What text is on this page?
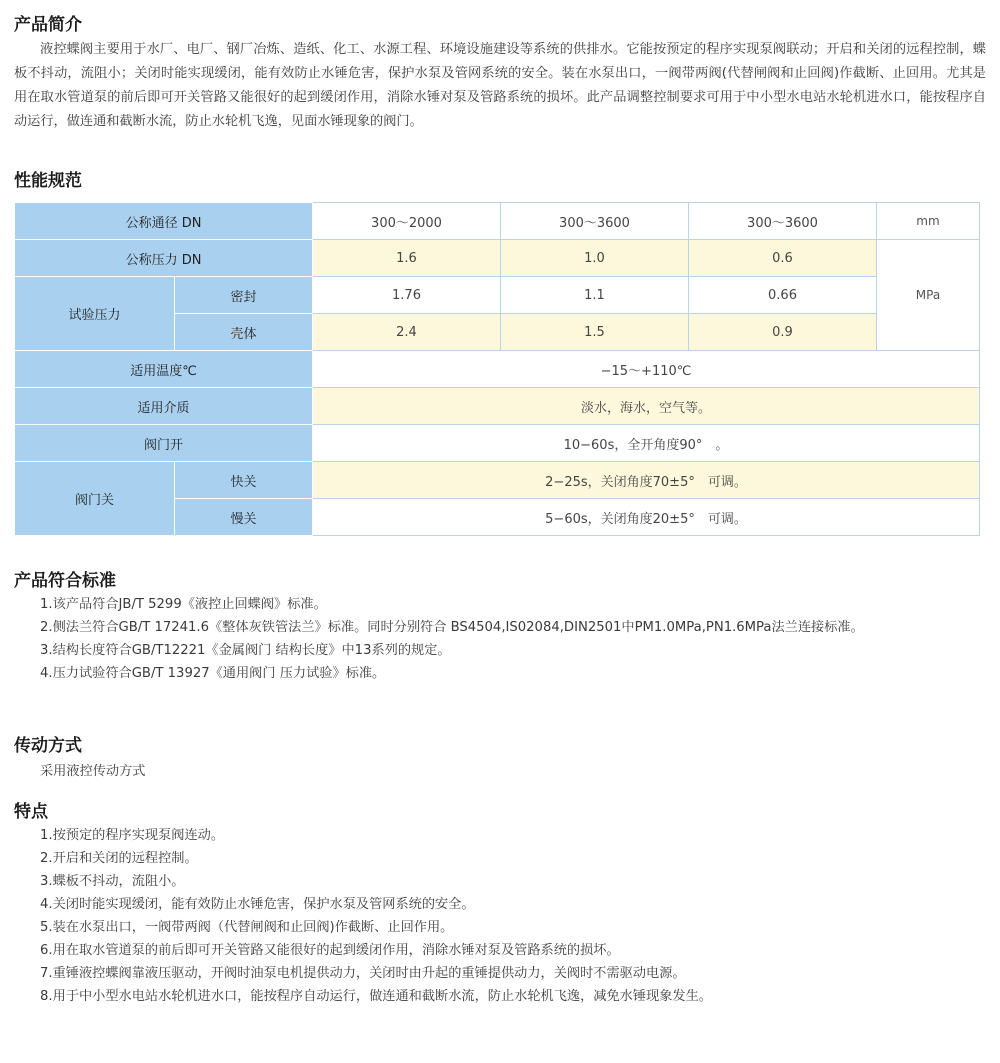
产品简介

液控蝶阀主要用于水厂、电厂、钢厂冶炼、造纸、化工、水源工程、环境设施建设等系统的供排水。它能按预定的程序实现泵阀联动；开启和关闭的远程控制，蝶板不抖动，流阻小；关闭时能实现缓闭，能有效防止水锤危害，保护水泵及管网系统的安全。装在水泵出口，一阀带两阀(代替闸阀和止回阀)作截断、止回用。尤其是用在取水管道泵的前后即可开关管路又能很好的起到缓闭作用，消除水锤对泵及管路系统的损坏。此产品调整控制要求可用于中小型水电站水轮机进水口，能按程序自动运行，做连通和截断水流，防止水轮机飞逸，见面水锤现象的阀门。

性能规范
公称通径 DN		300～2000	300～3600	300～3600	mm
公称压力 DN		1.6	1.0	0.6	MPa
试验压力	密封	1.76	1.1	0.66	
	壳体	2.4	1.5	0.9	
适用温度℃		−15～+110℃			
适用介质		淡水，海水，空气等。			
阀门开		10−60s，全开角度90°　。			
阀门关	快关	2−25s，关闭角度70±5°　可调。			
	慢关	5−60s，关闭角度20±5°　可调。			
产品符合标准
1.该产品符合JB/T 5299《液控止回蝶阀》标准。
2.侧法兰符合GB/T 17241.6《整体灰铁管法兰》标准。同时分别符合 BS4504,IS02084,DIN2501中PM1.0MPa,PN1.6MPa法兰连接标准。
3.结构长度符合GB/T12221《金属阀门 结构长度》中13系列的规定。
4.压力试验符合GB/T 13927《通用阀门 压力试验》标准。
传动方式

采用液控传动方式

特点
1.按预定的程序实现泵阀连动。
2.开启和关闭的远程控制。
3.蝶板不抖动，流阻小。
4.关闭时能实现缓闭，能有效防止水锤危害，保护水泵及管网系统的安全。
5.装在水泵出口，一阀带两阀（代替闸阀和止回阀)作截断、止回作用。
6.用在取水管道泵的前后即可开关管路又能很好的起到缓闭作用，消除水锤对泵及管路系统的损坏。
7.重锤液控蝶阀靠液压驱动，开阀时油泵电机提供动力，关闭时由升起的重锤提供动力，关阀时不需驱动电源。
8.用于中小型水电站水轮机进水口，能按程序自动运行，做连通和截断水流，防止水轮机飞逸，减免水锤现象发生。
